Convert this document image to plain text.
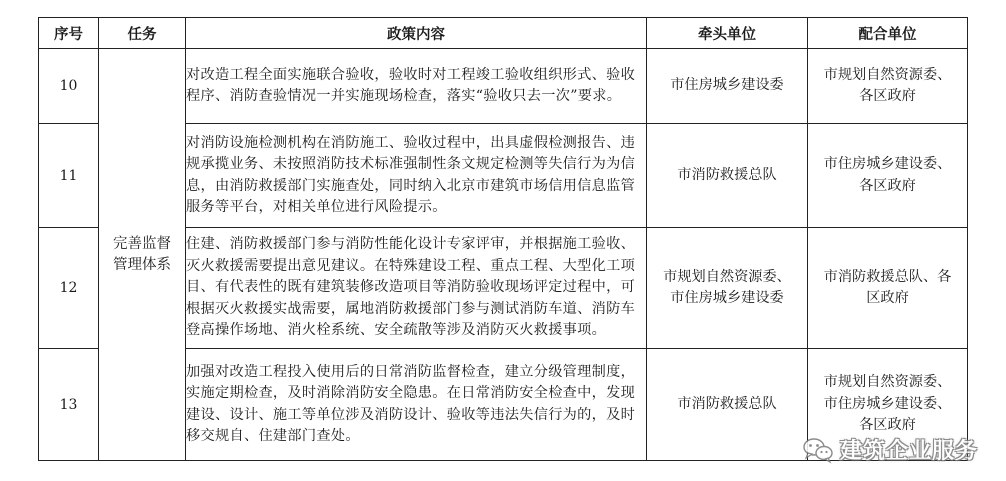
序号	任务	政策内容	牵头单位	配合单位
10	完善监督管理体系	对改造工程全面实施联合验收，验收时对工程竣工验收组织形式、验收程序、消防查验情况一并实施现场检查，落实“验收只去一次”要求。	市住房城乡建设委	市规划自然资源委、各区政府
11		对消防设施检测机构在消防施工、验收过程中，出具虚假检测报告、违规承揽业务、未按照消防技术标准强制性条文规定检测等失信行为为信息，由消防救援部门实施查处，同时纳入北京市建筑市场信用信息监管服务等平台，对相关单位进行风险提示。	市消防救援总队	市住房城乡建设委、各区政府
12		住建、消防救援部门参与消防性能化设计专家评审，并根据施工验收、灭火救援需要提出意见建议。在特殊建设工程、重点工程、大型化工项目、有代表性的既有建筑装修改造项目等消防验收现场评定过程中，可根据灭火救援实战需要，属地消防救援部门参与测试消防车道、消防车登高操作场地、消火栓系统、安全疏散等涉及消防灭火救援事项。	市规划自然资源委、市住房城乡建设委	市消防救援总队、各区政府
13		加强对改造工程投入使用后的日常消防监督检查，建立分级管理制度，实施定期检查，及时消除消防安全隐患。在日常消防安全检查中，发现建设、设计、施工等单位涉及消防设计、验收等违法失信行为的，及时移交规自、住建部门查处。	市消防救援总队	市规划自然资源委、市住房城乡建设委、各区政府
建筑企业服务
